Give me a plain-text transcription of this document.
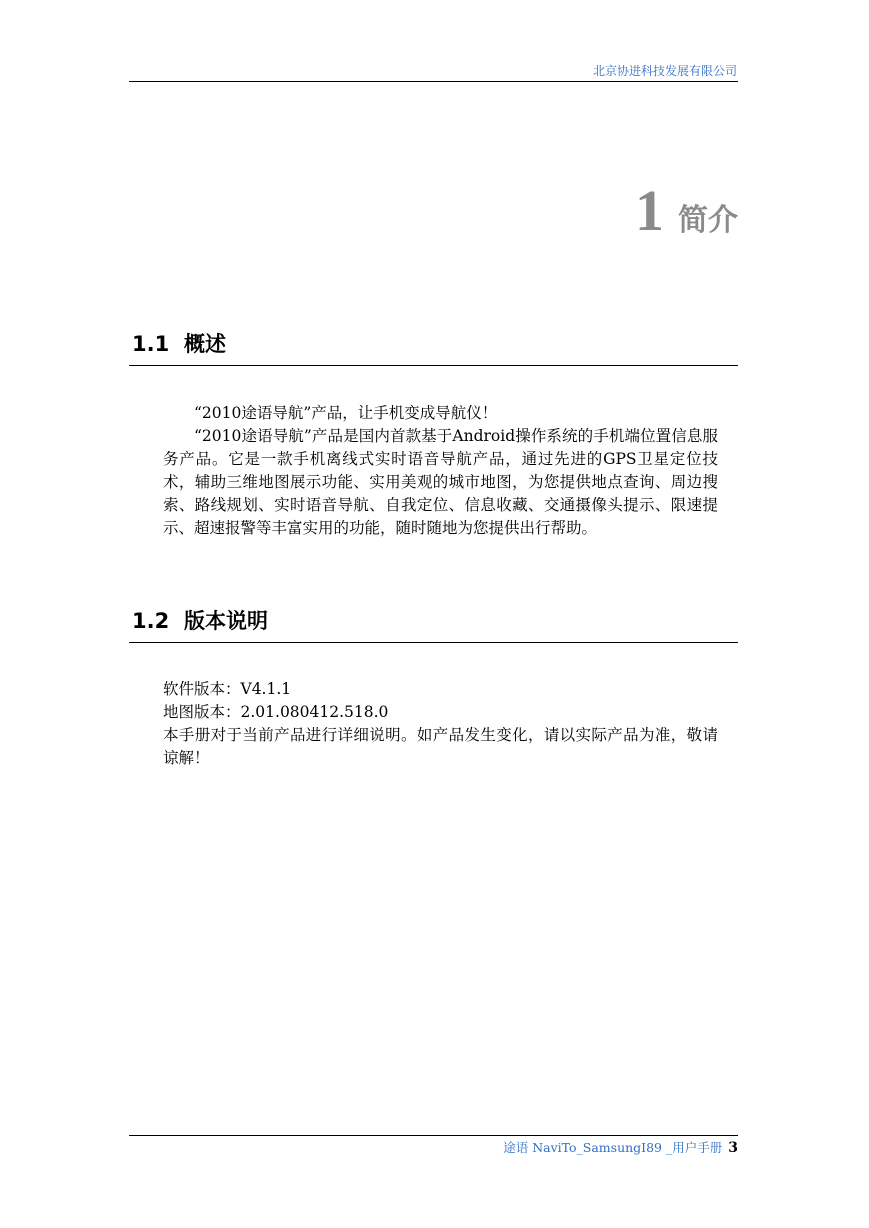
北京协进科技发展有限公司
1 简介
1.1 概述

“2010途语导航”产品，让手机变成导航仪！

“2010途语导航”产品是国内首款基于Android操作系统的手机端位置信息服务产品。它是一款手机离线式实时语音导航产品，通过先进的GPS卫星定位技术，辅助三维地图展示功能、实用美观的城市地图，为您提供地点查询、周边搜索、路线规划、实时语音导航、自我定位、信息收藏、交通摄像头提示、限速提示、超速报警等丰富实用的功能，随时随地为您提供出行帮助。

1.2 版本说明

软件版本：V4.1.1

地图版本：2.01.080412.518.0

本手册对于当前产品进行详细说明。如产品发生变化，请以实际产品为准，敬请谅解！

途语 NaviTo_SamsungI89 _用户手册 3
